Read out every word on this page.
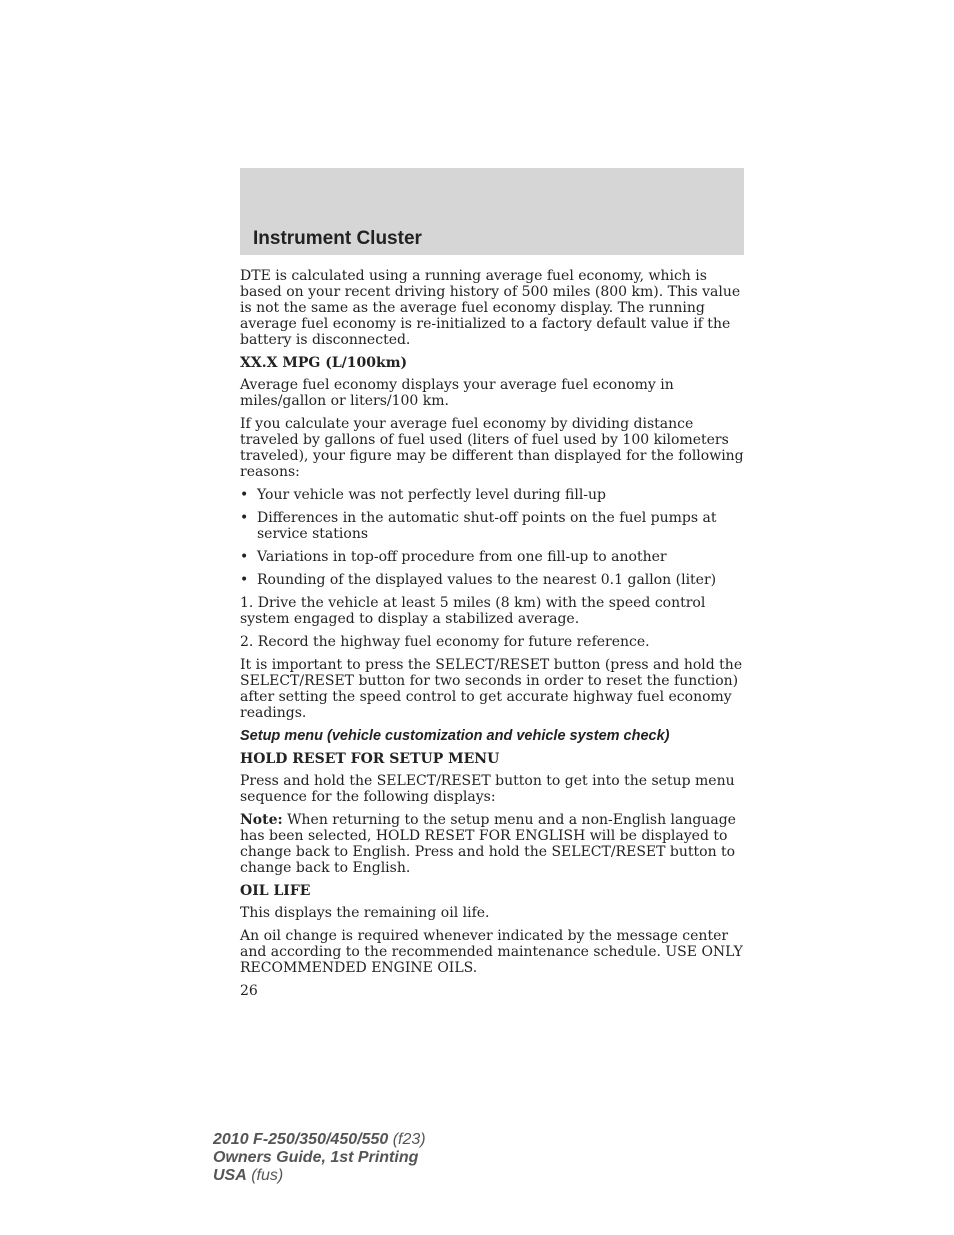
Instrument Cluster

DTE is calculated using a running average fuel economy, which is based on your recent driving history of 500 miles (800 km). This value is not the same as the average fuel economy display. The running average fuel economy is re-initialized to a factory default value if the battery is disconnected.

XX.X MPG (L/100km)

Average fuel economy displays your average fuel economy in miles/gallon or liters/100 km.

If you calculate your average fuel economy by dividing distance traveled by gallons of fuel used (liters of fuel used by 100 kilometers traveled), your figure may be different than displayed for the following reasons:

• Your vehicle was not perfectly level during fill-up
• Differences in the automatic shut-off points on the fuel pumps at service stations
• Variations in top-off procedure from one fill-up to another
• Rounding of the displayed values to the nearest 0.1 gallon (liter)

1. Drive the vehicle at least 5 miles (8 km) with the speed control system engaged to display a stabilized average.

2. Record the highway fuel economy for future reference.

It is important to press the SELECT/RESET button (press and hold the SELECT/RESET button for two seconds in order to reset the function) after setting the speed control to get accurate highway fuel economy readings.

Setup menu (vehicle customization and vehicle system check)
HOLD RESET FOR SETUP MENU

Press and hold the SELECT/RESET button to get into the setup menu sequence for the following displays:

Note: When returning to the setup menu and a non-English language has been selected, HOLD RESET FOR ENGLISH will be displayed to change back to English. Press and hold the SELECT/RESET button to change back to English.

OIL LIFE

This displays the remaining oil life.

An oil change is required whenever indicated by the message center and according to the recommended maintenance schedule. USE ONLY RECOMMENDED ENGINE OILS.

26

2010 F-250/350/450/550 (f23)
Owners Guide, 1st Printing
USA (fus)
